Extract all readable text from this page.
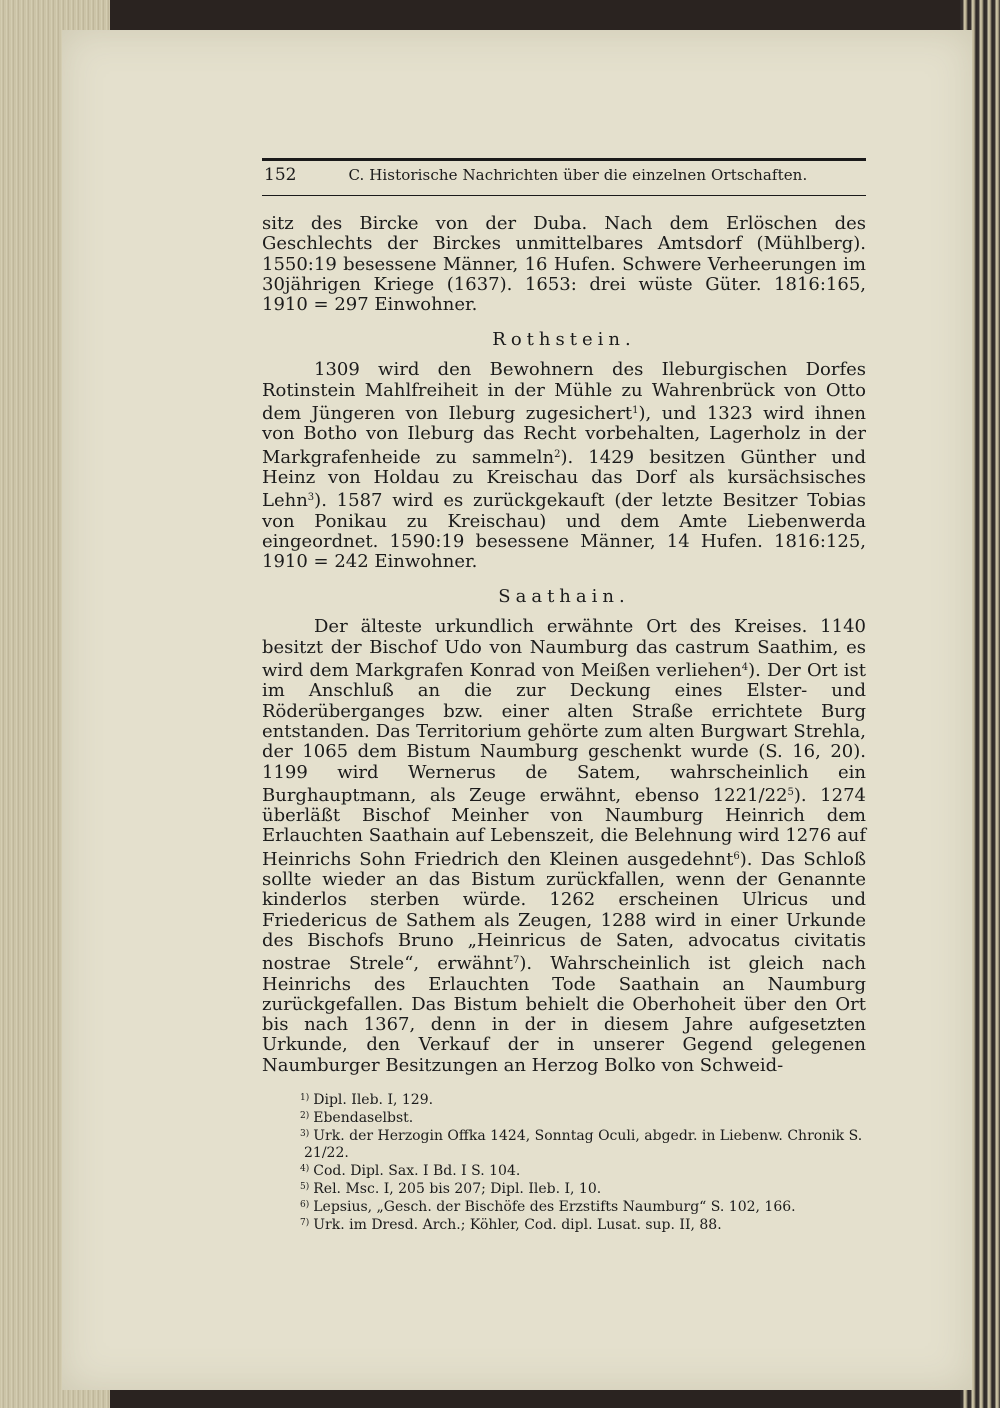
152	C. Historische Nachrichten über die einzelnen Ortschaften.

sitz des Bircke von der Duba. Nach dem Erlöschen des Geschlechts der Birckes unmittelbares Amtsdorf (Mühlberg). 1550:19 besessene Männer, 16 Hufen. Schwere Verheerungen im 30jährigen Kriege (1637). 1653: drei wüste Güter. 1816:165, 1910 = 297 Einwohner.

Rothstein.

1309 wird den Bewohnern des Ileburgischen Dorfes Rotinstein Mahlfreiheit in der Mühle zu Wahrenbrück von Otto dem Jüngeren von Ileburg zugesichert$^1$), und 1323 wird ihnen von Botho von Ileburg das Recht vorbehalten, Lagerholz in der Markgrafenheide zu sammeln$^2$). 1429 besitzen Günther und Heinz von Holdau zu Kreischau das Dorf als kursächsisches Lehn$^3$). 1587 wird es zurückgekauft (der letzte Besitzer Tobias von Ponikau zu Kreischau) und dem Amte Liebenwerda eingeordnet. 1590:19 besessene Männer, 14 Hufen. 1816:125, 1910 = 242 Einwohner.

Saathain.

Der älteste urkundlich erwähnte Ort des Kreises. 1140 besitzt der Bischof Udo von Naumburg das castrum Saathim, es wird dem Markgrafen Konrad von Meißen verliehen$^4$). Der Ort ist im Anschluß an die zur Deckung eines Elster- und Röderüberganges bzw. einer alten Straße errichtete Burg entstanden. Das Territorium gehörte zum alten Burgwart Strehla, der 1065 dem Bistum Naumburg geschenkt wurde (S. 16, 20). 1199 wird Wernerus de Satem, wahrscheinlich ein Burghauptmann, als Zeuge erwähnt, ebenso 1221/22$^5$). 1274 überläßt Bischof Meinher von Naumburg Heinrich dem Erlauchten Saathain auf Lebenszeit, die Belehnung wird 1276 auf Heinrichs Sohn Friedrich den Kleinen ausgedehnt$^6$). Das Schloß sollte wieder an das Bistum zurückfallen, wenn der Genannte kinderlos sterben würde. 1262 erscheinen Ulricus und Friedericus de Sathem als Zeugen, 1288 wird in einer Urkunde des Bischofs Bruno „Heinricus de Saten, advocatus civitatis nostrae Strele“, erwähnt$^7$). Wahrscheinlich ist gleich nach Heinrichs des Erlauchten Tode Saathain an Naumburg zurückgefallen. Das Bistum behielt die Oberhoheit über den Ort bis nach 1367, denn in der in diesem Jahre aufgesetzten Urkunde, den Verkauf der in unserer Gegend gelegenen Naumburger Besitzungen an Herzog Bolko von Schweid-

$^{1)}$ Dipl. Ileb. I, 129.
$^{2)}$ Ebendaselbst.
$^{3)}$ Urk. der Herzogin Offka 1424, Sonntag Oculi, abgedr. in Liebenw. Chronik S. 21/22.
$^{4)}$ Cod. Dipl. Sax. I Bd. I S. 104.
$^{5)}$ Rel. Msc. I, 205 bis 207; Dipl. Ileb. I, 10.
$^{6)}$ Lepsius, „Gesch. der Bischöfe des Erzstifts Naumburg“ S. 102, 166.
$^{7)}$ Urk. im Dresd. Arch.; Köhler, Cod. dipl. Lusat. sup. II, 88.
